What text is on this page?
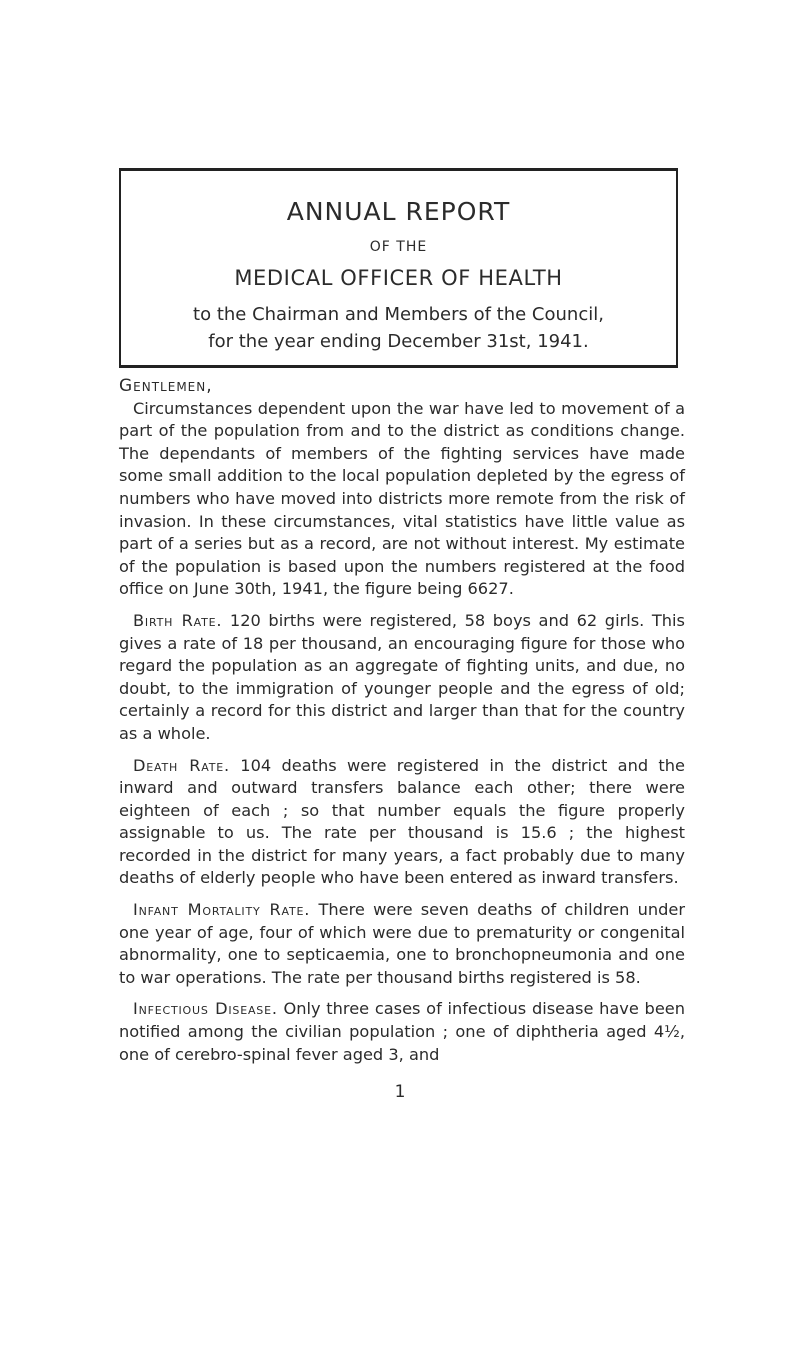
ANNUAL REPORT
OF THE
MEDICAL OFFICER OF HEALTH
to the Chairman and Members of the Council,
for the year ending December 31st, 1941.

Gentlemen,

Circumstances dependent upon the war have led to movement of a part of the population from and to the district as conditions change. The dependants of members of the fighting services have made some small addition to the local population depleted by the egress of numbers who have moved into districts more remote from the risk of invasion. In these circumstances, vital statistics have little value as part of a series but as a record, are not without interest. My estimate of the population is based upon the numbers registered at the food office on June 30th, 1941, the figure being 6627.

Birth Rate. 120 births were registered, 58 boys and 62 girls. This gives a rate of 18 per thousand, an encouraging figure for those who regard the population as an aggregate of fighting units, and due, no doubt, to the immigration of younger people and the egress of old; certainly a record for this district and larger than that for the country as a whole.

Death Rate. 104 deaths were registered in the district and the inward and outward transfers balance each other; there were eighteen of each ; so that number equals the figure properly assignable to us. The rate per thousand is 15.6 ; the highest recorded in the district for many years, a fact probably due to many deaths of elderly people who have been entered as inward transfers.

Infant Mortality Rate. There were seven deaths of children under one year of age, four of which were due to prematurity or congenital abnormality, one to septicaemia, one to bronchopneumonia and one to war operations. The rate per thousand births registered is 58.

Infectious Disease. Only three cases of infectious disease have been notified among the civilian population ; one of diphtheria aged 4½, one of cerebro-spinal fever aged 3, and

1
